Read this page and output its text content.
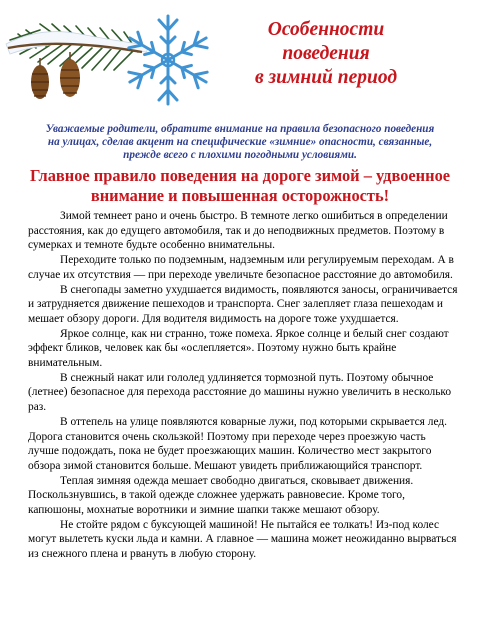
Особенности
поведения
в зимний период
Уважаемые родители, обратите внимание на правила безопасного поведения на улицах, сделав акцент на специфические «зимние» опасности, связанные, прежде всего с плохими погодными условиями.
Главное правило поведения на дороге зимой – удвоенное внимание и повышенная осторожность!

Зимой темнеет рано и очень быстро. В темноте легко ошибиться в определении расстояния, как до едущего автомобиля, так и до неподвижных предметов. Поэтому в сумерках и темноте будьте особенно внимательны.

Переходите только по подземным, надземным или регулируемым переходам. А в случае их отсутствия — при переходе увеличьте безопасное расстояние до автомобиля.

В снегопады заметно ухудшается видимость, появляются заносы, ограничивается и затрудняется движение пешеходов и транспорта. Снег залепляет глаза пешеходам и мешает обзору дороги. Для водителя видимость на дороге тоже ухудшается.

Яркое солнце, как ни странно, тоже помеха. Яркое солнце и белый снег создают эффект бликов, человек как бы «ослепляется». Поэтому нужно быть крайне внимательным.

В снежный накат или гололед удлиняется тормозной путь. Поэтому обычное (летнее) безопасное для перехода расстояние до машины нужно увеличить в несколько раз.

В оттепель на улице появляются коварные лужи, под которыми скрывается лед. Дорога становится очень скользкой! Поэтому при переходе через проезжую часть лучше подождать, пока не будет проезжающих машин. Количество мест закрытого обзора зимой становится больше. Мешают увидеть приближающийся транспорт.

Теплая зимняя одежда мешает свободно двигаться, сковывает движения. Поскользнувшись, в такой одежде сложнее удержать равновесие. Кроме того, капюшоны, мохнатые воротники и зимние шапки также мешают обзору.

Не стойте рядом с буксующей машиной! Не пытайся ее толкать! Из-под колес могут вылететь куски льда и камни. А главное — машина может неожиданно вырваться из снежного плена и рвануть в любую сторону.
